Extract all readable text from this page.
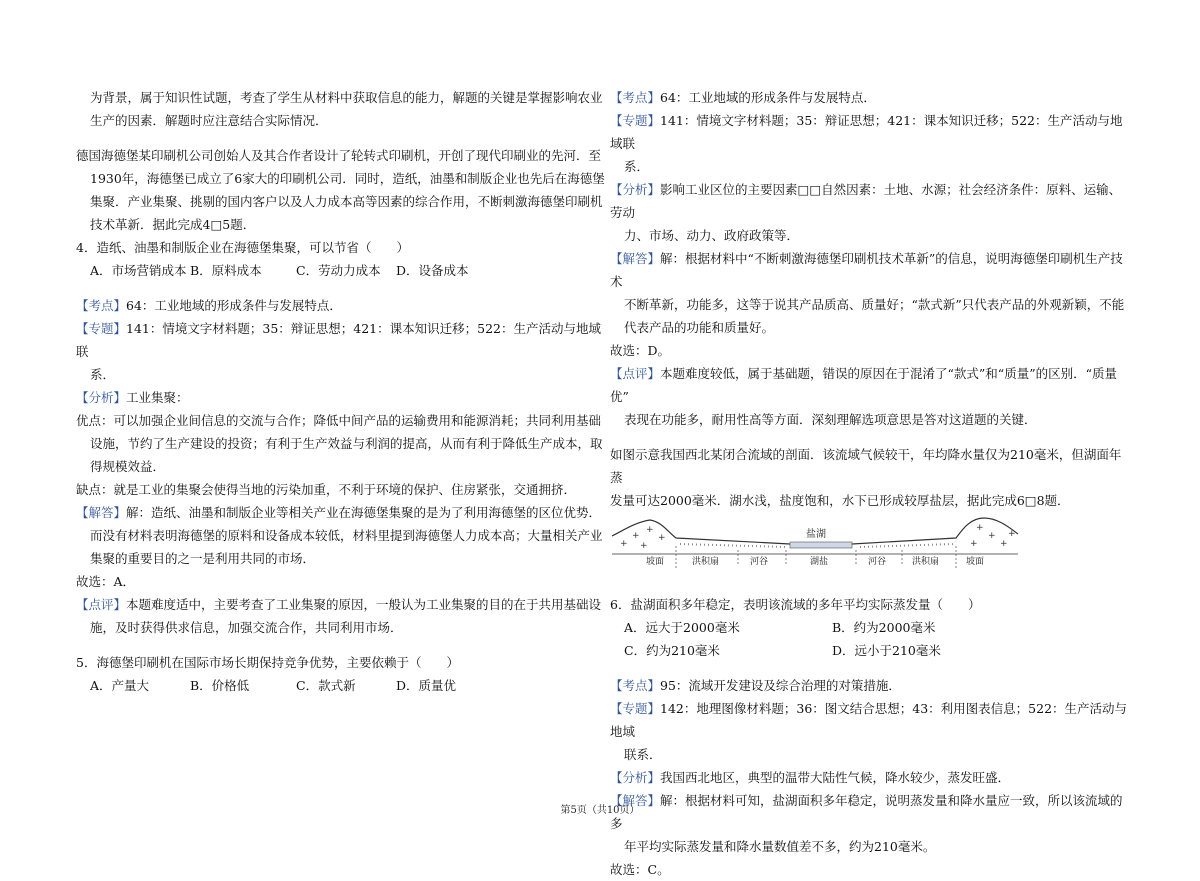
为背景，属于知识性试题，考查了学生从材料中获取信息的能力，解题的关键是掌握影响农业

生产的因素．解题时应注意结合实际情况．

德国海德堡某印刷机公司创始人及其合作者设计了轮转式印刷机，开创了现代印刷业的先河．至

1930年，海德堡已成立了6家大的印刷机公司．同时，造纸，油墨和制版企业也先后在海德堡

集聚．产业集聚、挑剔的国内客户以及人力成本高等因素的综合作用，不断刺激海德堡印刷机

技术革新．据此完成4□5题．

4．造纸、油墨和制版企业在海德堡集聚，可以节省（　　）

A．市场营销成本 B．原料成本	C．劳动力成本	D．设备成本

【考点】64：工业地域的形成条件与发展特点．

【专题】141：情境文字材料题；35：辩证思想；421：课本知识迁移；522：生产活动与地域联

系．

【分析】工业集聚：

优点：可以加强企业间信息的交流与合作；降低中间产品的运输费用和能源消耗；共同利用基础

设施，节约了生产建设的投资；有利于生产效益与利润的提高，从而有利于降低生产成本，取

得规模效益．

缺点：就是工业的集聚会使得当地的污染加重，不利于环境的保护、住房紧张，交通拥挤．

【解答】解：造纸、油墨和制版企业等相关产业在海德堡集聚的是为了利用海德堡的区位优势．

而没有材料表明海德堡的原料和设备成本较低，材料里提到海德堡人力成本高；大量相关产业

集聚的重要目的之一是利用共同的市场．

故选：A．

【点评】本题难度适中，主要考查了工业集聚的原因，一般认为工业集聚的目的在于共用基础设

施，及时获得供求信息，加强交流合作，共同利用市场．

5．海德堡印刷机在国际市场长期保持竞争优势，主要依赖于（　　）

A．产量大	B．价格低	C．款式新	D．质量优

【考点】64：工业地域的形成条件与发展特点．

【专题】141：情境文字材料题；35：辩证思想；421：课本知识迁移；522：生产活动与地域联

系．

【分析】影响工业区位的主要因素□□自然因素：土地、水源；社会经济条件：原料、运输、劳动

力、市场、动力、政府政策等．

【解答】解：根据材料中“不断刺激海德堡印刷机技术革新”的信息，说明海德堡印刷机生产技术

不断革新，功能多，这等于说其产品质高、质量好；“款式新”只代表产品的外观新颖，不能

代表产品的功能和质量好。

故选：D。

【点评】本题难度较低，属于基础题，错误的原因在于混淆了“款式”和“质量”的区别．“质量优”

表现在功能多，耐用性高等方面．深刻理解选项意思是答对这道题的关键．

如图示意我国西北某闭合流域的剖面．该流域气候较干，年均降水量仅为210毫米，但湖面年蒸

发量可达2000毫米．湖水浅，盐度饱和，水下已形成较厚盐层，据此完成6□8题．

+
+
+
+
+
+
+
+
+
+
盐湖
坡面	洪积扇	河谷	湖盐	河谷	洪积扇	坡面

6．盐湖面积多年稳定，表明该流域的多年平均实际蒸发量（　　）

A．远大于2000毫米	B．约为2000毫米
C．约为210毫米	D．远小于210毫米

【考点】95：流域开发建设及综合治理的对策措施．

【专题】142：地理图像材料题；36：图文结合思想；43：利用图表信息；522：生产活动与地域

联系．

【分析】我国西北地区，典型的温带大陆性气候，降水较少，蒸发旺盛．

【解答】解：根据材料可知，盐湖面积多年稳定，说明蒸发量和降水量应一致，所以该流域的多

年平均实际蒸发量和降水量数值差不多，约为210毫米。

故选：C。

第5页（共10页）
